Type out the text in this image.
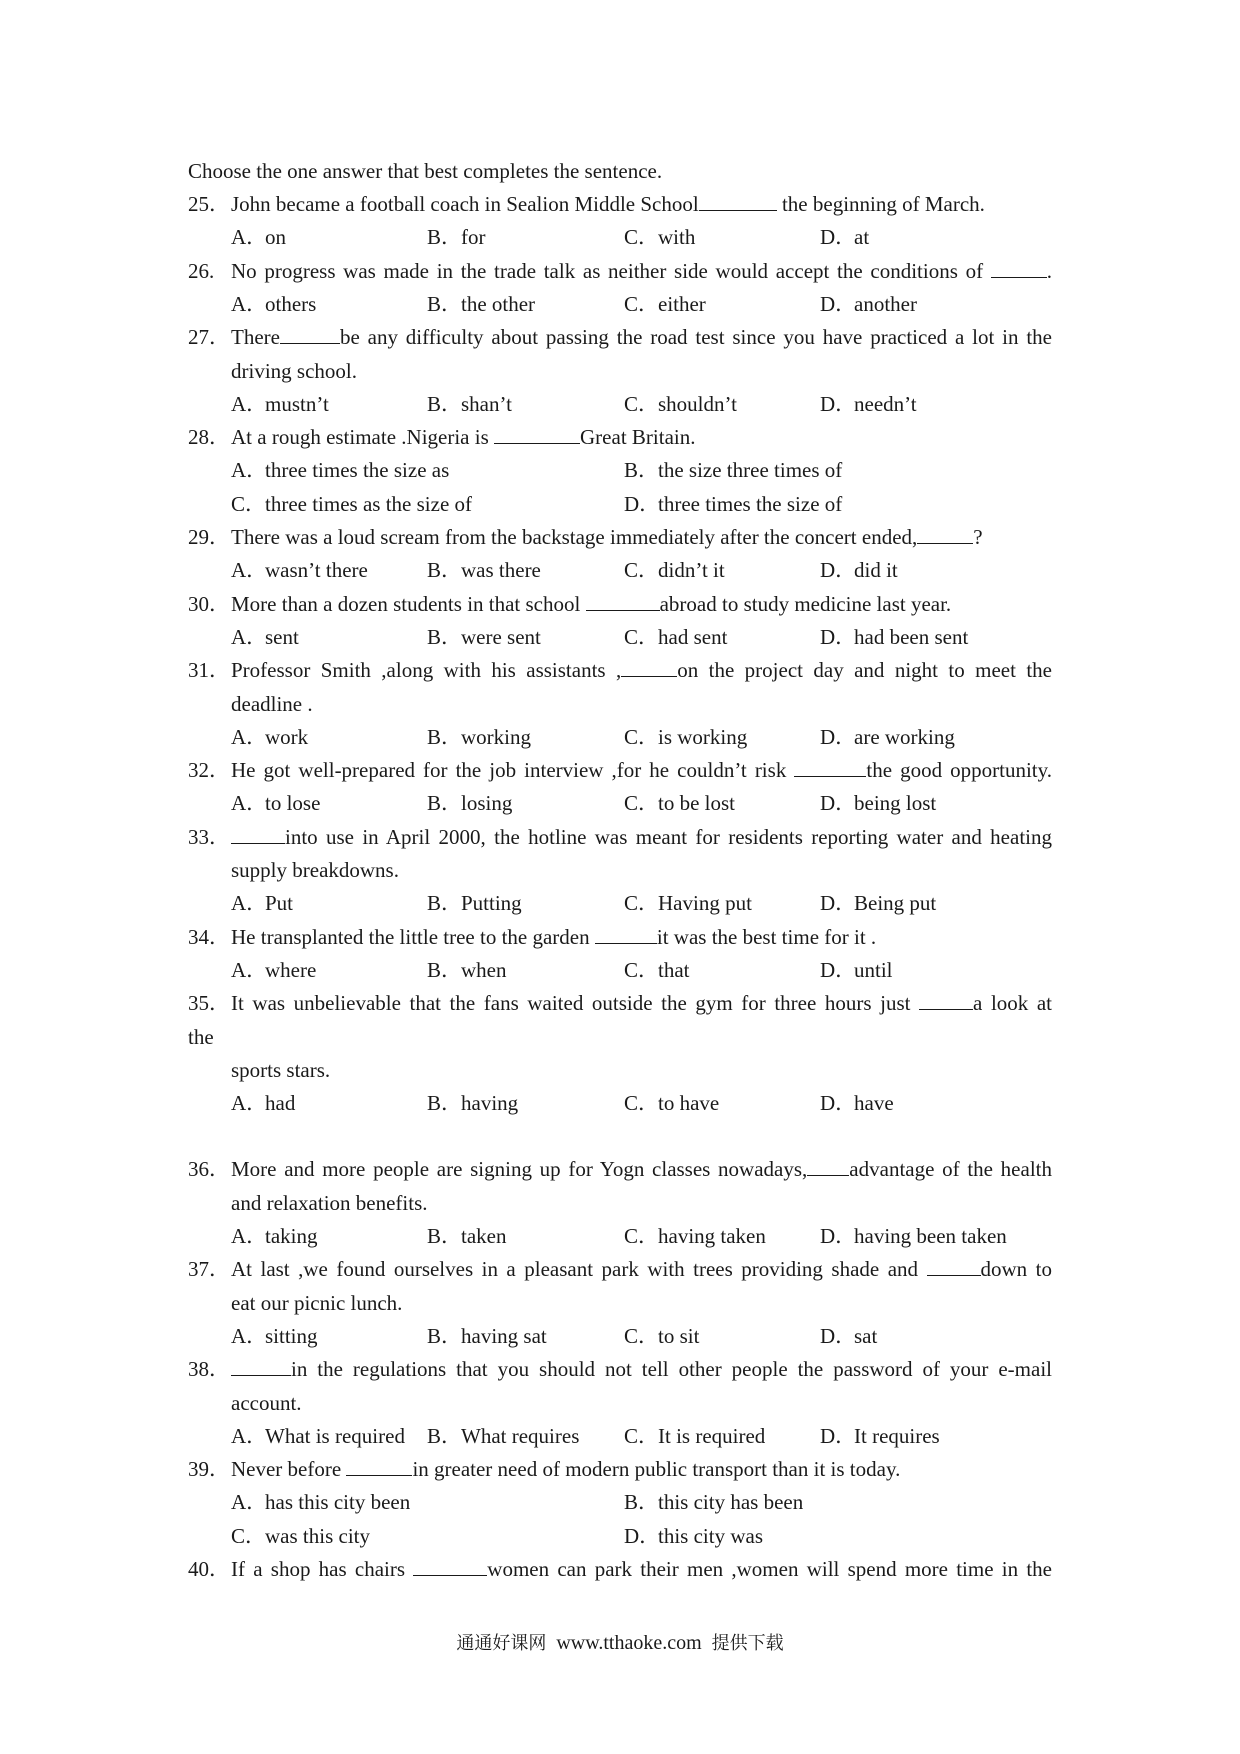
Choose the one answer that best completes the sentence.
25． John became a football coach in Sealion Middle School	the beginning of March.
A．on	B．for	C．with	D．at
26. No progress was made in the trade talk as neither side would accept the conditions of	.
A．others	B．the other	C．either	D．another
27． There	be any difficulty about passing the road test since you have practiced a lot in the
driving school.
A．mustn’t	B．shan’t	C．shouldn’t	D．needn’t
28． At a rough estimate .Nigeria is	Great Britain.
A．three times the size as	B．the size three times of
C．three times as the size of	D．three times the size of
29． There was a loud scream from the backstage immediately after the concert ended,	?
A．wasn’t there	B．was there	C．didn’t it	D．did it
30． More than a dozen students in that school	abroad to study medicine last year.
A．sent	B．were sent	C．had sent	D．had been sent
31． Professor Smith ,along with his assistants ,	on the project day and night to meet the
deadline .
A．work	B．working	C．is working	D．are working
32． He got well-prepared for the job interview ,for he couldn’t risk	the good opportunity.
A．to lose	B．losing	C．to be lost	D．being lost
33．	into use in April 2000, the hotline was meant for residents reporting water and heating
supply breakdowns.
A．Put	B．Putting	C．Having put	D．Being put
34． He transplanted the little tree to the garden	it was the best time for it .
A．where	B．when	C．that	D．until
35． It was unbelievable that the fans waited outside the gym for three hours just	a look at
the
sports stars.
A．had	B．having	C．to have	D．have
36． More and more people are signing up for Yogn classes nowadays, advantage of the health
and relaxation benefits.
A．taking	B．taken	C．having taken	D．having been taken
37． At last ,we found ourselves in a pleasant park with trees providing shade and	down to
eat our picnic lunch.
A．sitting	B．having sat	C．to sit	D．sat
38．	in the regulations that you should not tell other people the password of your e-mail
account.
A．What is required B．What requires C．It is required	D．It requires
39． Never before	in greater need of modern public transport than it is today.
A．has this city been	B．this city has been
C．was this city	D．this city was
40． If a shop has chairs	women can park their men ,women will spend more time in the
通通好课网 www.tthaoke.com 提供下载
